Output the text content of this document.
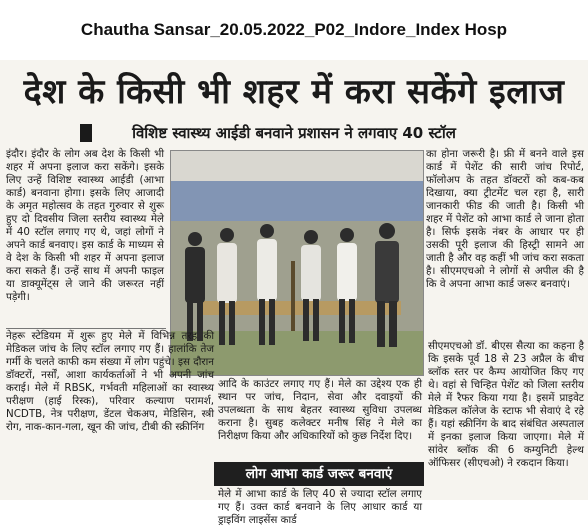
Chautha Sansar_20.05.2022_P02_Indore_Index Hosp
देश के किसी भी शहर में करा सकेंगे इलाज
विशिष्ट स्वास्थ्य आईडी बनवाने प्रशासन ने लगवाए 40 स्टॉल

इंदौर। इंदौर के लोग अब देश के किसी भी शहर में अपना इलाज करा सकेंगे। इसके लिए उन्हें विशिष्ट स्वास्थ्य आईडी (आभा कार्ड) बनवाना होगा। इसके लिए आजादी के अमृत महोत्सव के तहत गुरुवार से शुरू हुए दो दिवसीय जिला स्तरीय स्वास्थ्य मेले में 40 स्टॉल लगाए गए थे, जहां लोगों ने अपने कार्ड बनवाए। इस कार्ड के माध्यम से वे देश के किसी भी शहर में अपना इलाज करा सकते हैं। उन्हें साथ में अपनी फाइल या डाक्यूमेंट्स ले जाने की जरूरत नहीं पड़ेगी।

का होना जरूरी है। फ्री में बनने वाले इस कार्ड में पेशेंट की सारी जांच रिपोर्ट, फॉलोअप के तहत डॉक्टरों को कब-कब दिखाया, क्या ट्रीटमेंट चल रहा है, सारी जानकारी फीड की जाती है। किसी भी शहर में पेशेंट को आभा कार्ड ले जाना होता है। सिर्फ इसके नंबर के आधार पर ही उसकी पूरी इलाज की हिस्ट्री सामने आ जाती है और वह कहीं भी जांच करा सकता है। सीएमएचओ ने लोगों से अपील की है कि वे अपना आभा कार्ड जरूर बनवाएं।

नेहरू स्टेडियम में शुरू हुए मेले में विभिन्न तरह की मेडिकल जांच के लिए स्टॉल लगाए गए हैं। हालांकि तेज गर्मी के चलते काफी कम संख्या में लोग पहुंचे। इस दौरान डॉक्टरों, नर्सों, आशा कार्यकर्ताओं ने भी अपनी जांच कराई। मेले में RBSK, गर्भवती महिलाओं का स्वास्थ्य परीक्षण (हाई रिस्क), परिवार कल्याण परामर्श, NCDTB, नेत्र परीक्षण, डेंटल चेकअप, मेडिसिन, स्त्री रोग, नाक-कान-गला, खून की जांच, टीबी की स्क्रीनिंग

आदि के काउंटर लगाए गए हैं। मेले का उद्देश्य एक ही स्थान पर जांच, निदान, सेवा और दवाइयों की उपलब्धता के साथ बेहतर स्वास्थ्य सुविधा उपलब्ध कराना है। सुबह कलेक्टर मनीष सिंह ने मेले का निरीक्षण किया और अधिकारियों को कुछ निर्देश दिए।

लोग आभा कार्ड जरूर बनवाएं

मेले में आभा कार्ड के लिए 40 से ज्यादा स्टॉल लगाए गए हैं। उक्त कार्ड बनवाने के लिए आधार कार्ड या ड्राइविंग लाइसेंस कार्ड

सीएमएचओ डॉ. बीएस सैत्या का कहना है कि इसके पूर्व 18 से 23 अप्रैल के बीच ब्लॉक स्तर पर कैम्प आयोजित किए गए थे। वहां से चिन्हित पेशेंट को जिला स्तरीय मेले में रैफर किया गया है। इसमें प्राइवेट मेडिकल कॉलेज के स्टाफ भी सेवाएं दे रहे हैं। यहां स्क्रीनिंग के बाद संबंधित अस्पताल में इनका इलाज किया जाएगा। मेले में सांवेर ब्लॉक की 6 कम्युनिटी हेल्थ ऑफिसर (सीएचओ) ने रकदान किया।
